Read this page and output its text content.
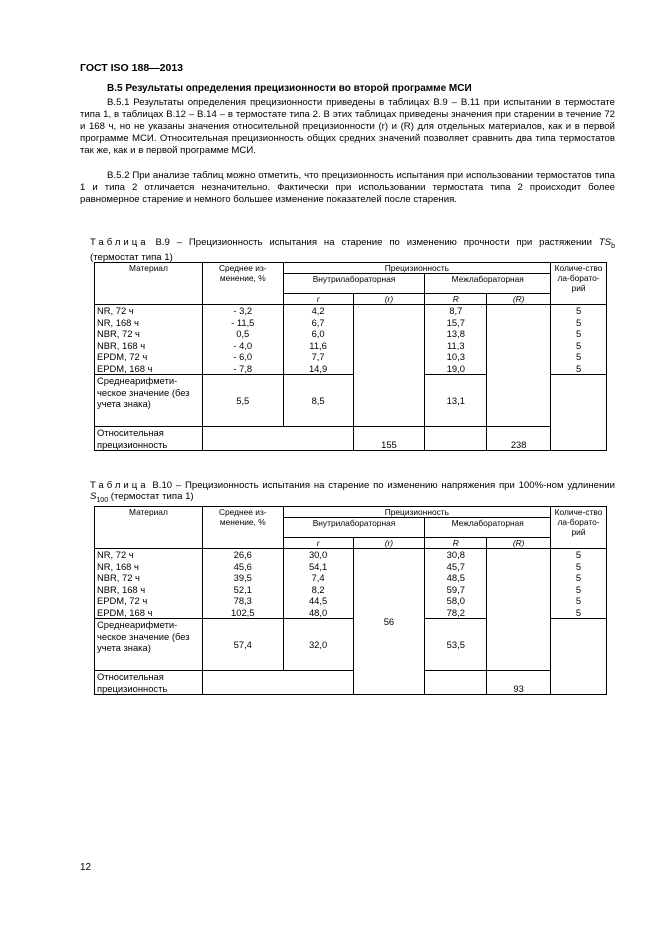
ГОСТ ISO 188—2013
B.5 Результаты определения прецизионности во второй программе МСИ

B.5.1 Результаты определения прецизионности приведены в таблицах B.9 – B.11 при испытании в термостате типа 1, в таблицах B.12 – B.14 – в термостате типа 2. В этих таблицах приведены значения при старении в течение 72 и 168 ч, но не указаны значения относительной прецизионности (r) и (R) для отдельных материалов, как и в первой программе МСИ. Относительная прецизионность общих средних значений позволяет сравнить два типа термостатов так же, как и в первой программе МСИ.

B.5.2 При анализе таблиц можно отметить, что прецизионность испытания при использовании термостатов типа 1 и типа 2 отличается незначительно. Фактически при использовании термостата типа 2 происходит более равномерное старение и немного большее изменение показателей после старения.

Таблица B.9 – Прецизионность испытания на старение по изменению прочности при растяжении $TS_b$ (термостат типа 1)
Материал	Среднее из-менение, %	Прецизионность				Количе-ство ла-борато-рий
		Внутрилабораторная		Межлабораторная		
		r	(r)	R	(R)	
NR, 72 ч	- 3,2	4,2		8,7		5
NR, 168 ч	- 11,5	6,7		15,7		5
NBR, 72 ч	0,5	6,0		13,8		5
NBR, 168 ч	- 4,0	11,6		11,3		5
EPDM, 72 ч	- 6,0	7,7		10,3		5
EPDM, 168 ч	- 7,8	14,9		19,0		5
Среднеарифмети-ческое значение (без учета знака)	5,5	8,5		13,1		
Относительная прецизионность			155		238	
Таблица B.10 – Прецизионность испытания на старение по изменению напряжения при 100%-ном удлинении $S_{100}$ (термостат типа 1)
Материал	Среднее из-менение, %	Прецизионность				Количе-ство ла-борато-рий
		Внутрилабораторная		Межлабораторная		
		r	(r)	R	(R)	
NR, 72 ч	26,6	30,0	56	30,8		5
NR, 168 ч	45,6	54,1		45,7		5
NBR, 72 ч	39,5	7,4		48,5		5
NBR, 168 ч	52,1	8,2		59,7		5
EPDM, 72 ч	78,3	44,5		58,0		5
EPDM, 168 ч	102,5	48,0		78,2		5
Среднеарифмети-ческое значение (без учета знака)	57,4	32,0		53,5		
Относительная прецизионность					93	
12
